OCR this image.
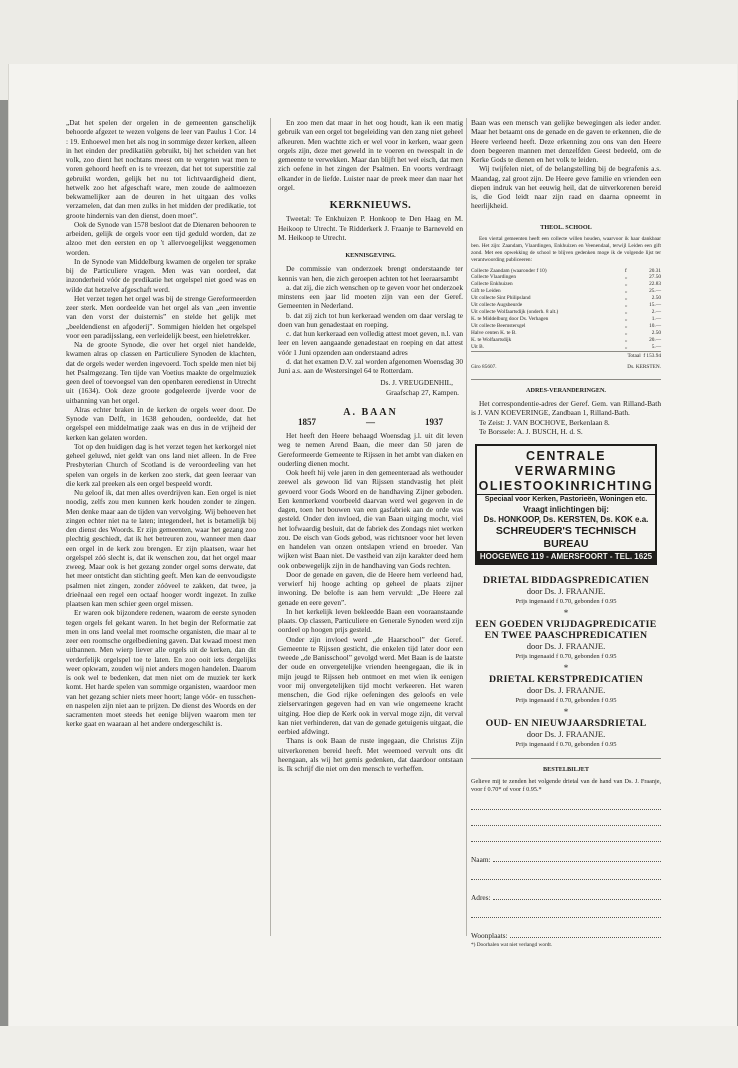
„Dat het spelen der orgelen in de gemeenten ganschelijk behoorde afgezet te wezen volgens de leer van Paulus 1 Cor. 14 : 19. Enhoewel men het als nog in sommige dezer kerken, alleen in het einden der predikatiën gebruikt, bij het scheiden van het volk, zoo dient het nochtans meest om te vergeten wat men te voren gehoord heeft en is te vreezen, dat het tot superstitie zal gebruikt worden, gelijk het nu tot lichtvaardigheid dient, hetwelk zoo het afgeschaft ware, men zoude de aalmoezen bekwamelijker aan de deuren in het uitgaan des volks verzamelen, dat dan men zulks in het midden der predikatie, tot groote hindernis van den dienst, doen moet”.

Ook de Synode van 1578 besloot dat de Dienaren behooren te arbeiden, gelijk de orgels voor een tijd geduld worden, dat ze alzoo met den eersten en op 't allervoegelijkst weggenomen worden.

In de Synode van Middelburg kwamen de orgelen ter sprake bij de Particuliere vragen. Men was van oordeel, dat inzonderheid vóór de predikatie het orgelspel niet goed was en wilde dat hetzelve afgeschaft werd.

Het verzet tegen het orgel was bij de strenge Gereformeerden zeer sterk. Men oordeelde van het orgel als van „een inventie van den vorst der duisternis” en stelde het gelijk met „beeldendienst en afgoderij”. Sommigen hielden het orgelspel voor een paradijsslang, een verleidelijk beest, een hieletrekker.

Na de groote Synode, die over het orgel niet handelde, kwamen alras op classen en Particuliere Synoden de klachten, dat de orgels weder werden ingevoerd. Toch spelde men niet bij het Psalmgezang. Ten tijde van Voetius maakte de orgelmuziek geen deel of toevoegsel van den openbaren eeredienst in Utrecht uit (1634). Ook deze groote godgeleerde ijverde voor de uitbanning van het orgel.

Alras echter braken in de kerken de orgels weer door. De Synode van Delft, in 1638 gehouden, oordeelde, dat het orgelspel een middelmatige zaak was en dus in de vrijheid der kerken kan gelaten worden.

Tot op den huidigen dag is het verzet tegen het kerkorgel niet geheel geluwd, niet geldt van ons land niet alleen. In de Free Presbyterian Church of Scotland is de veroordeeling van het spelen van orgels in de kerken zoo sterk, dat geen leeraar van die kerk zal preeken als een orgel bespeeld wordt.

Nu geloof ik, dat men alles overdrijven kan. Een orgel is niet noodig, zelfs zou men kunnen kerk houden zonder te zingen. Men denke maar aan de tijden van vervolging. Wij behoeven het zingen echter niet na te laten; integendeel, het is betamelijk bij den dienst des Woords. Er zijn gemeenten, waar het gezang zoo plechtig geschiedt, dat ik het betreuren zou, wanneer men daar een orgel in de kerk zou brengen. Er zijn plaatsen, waar het orgelspel zóó slecht is, dat ik wenschen zou, dat het orgel maar zweeg. Maar ook is het gezang zonder orgel soms derwate, dat het meer ontsticht dan stichting geeft. Men kan de eenvoudigste psalmen niet zingen, zonder zóóveel te zakken, dat twee, ja drieënaal een regel een octaaf hooger wordt ingezet. In zulke plaatsen kan men schier geen orgel missen.

Er waren ook bijzondere redenen, waarom de eerste synoden tegen orgels fel gekant waren. In het begin der Reformatie zat men in ons land veelal met roomsche organisten, die maar al te zeer een roomsche orgelbediening gaven. Dat kwaad moest men uitbannen. Men wierp liever alle orgels uit de kerken, dan dit verderfelijk orgelspel toe te laten. En zoo ooit iets dergelijks weer opkwam, zouden wij niet anders mogen handelen. Daarom is ook wel te bedenken, dat men niet om de muziek ter kerk komt. Het harde spelen van sommige organisten, waardoor men van het gezang schier niets meer hoort; lange vóór- en tusschen- en naspelen zijn niet aan te prijzen. De dienst des Woords en der sacramenten moet steeds het eenige blijven waarom men ter kerke gaat en waaraan al het andere ondergeschikt is.

En zoo men dat maar in het oog houdt, kan ik een matig gebruik van een orgel tot begeleiding van den zang niet geheel afkeuren. Men wachtte zich er wel voor in kerken, waar geen orgels zijn, deze met geweld in te voeren en tweespalt in de gemeente te verwekken. Maar dan blijft het wel eisch, dat men zich oefene in het zingen der Psalmen. En voorts verdraagt elkander in de liefde. Luister naar de preek meer dan naar het orgel.

KERKNIEUWS.

Tweetal: Te Enkhuizen P. Honkoop te Den Haag en M. Heikoop te Utrecht. Te Ridderkerk J. Fraanje te Barneveld en M. Heikoop te Utrecht.

KENNISGEVING.

De commissie van onderzoek brengt onderstaande ter kennis van hen, die zich geroepen achten tot het leeraarsambt

a. dat zij, die zich wenschen op te geven voor het onderzoek minstens een jaar lid moeten zijn van een der Geref. Gemeenten in Nederland.

b. dat zij zich tot hun kerkeraad wenden om daar verslag te doen van hun genadestaat en roeping.

c. dat hun kerkeraad een volledig attest moet geven, n.l. van leer en leven aangaande genadestaat en roeping en dat attest vóór 1 Juni opzenden aan onderstaand adres

d. dat het examen D.V. zal worden afgenomen Woensdag 30 Juni a.s. aan de Westersingel 64 te Rotterdam.

Ds. J. VREUGDENHIL,
Graafschap 27, Kampen.
A. BAAN
1857	—	1937

Het heeft den Heere behaagd Woensdag j.l. uit dit leven weg te nemen Arend Baan, die meer dan 50 jaren de Gereformeerde Gemeente te Rijssen in het ambt van diaken en ouderling dienen mocht.

Ook heeft hij vele jaren in den gemeenteraad als wethouder zeewel als gewoon lid van Rijssen standvastig het pleit gevoerd voor Gods Woord en de handhaving Zijner geboden. Een kenmerkend voorbeeld daarvan werd wel gegeven in de dagen, toen het bouwen van een gasfabriek aan de orde was gesteld. Onder den invloed, die van Baan uitging mocht, viel het lofwaardig besluit, dat de fabriek des Zondags niet werken zou. De eisch van Gods gebod, was richtsnoer voor het leven en handelen van onzen ontslapen vriend en broeder. Van wijken wist Baan niet. De vastheid van zijn karakter deed hem ook onbewegelijk zijn in de handhaving van Gods rechten.

Door de genade en gaven, die de Heere hem verleend had, verwierf hij hooge achting op geheel de plaats zijner inwoning. De belofte is aan hem vervuld: „De Heere zal genade en eere geven”.

In het kerkelijk leven bekleedde Baan een vooraanstaande plaats. Op classen, Particuliere en Generale Synoden werd zijn oordeel op hoogen prijs gesteld.

Onder zijn invloed werd „de Haarschool” der Geref. Gemeente te Rijssen gesticht, die enkelen tijd later door een tweede „de Banisschool” gevolgd werd. Met Baan is de laatste der oude en onvergetelijke vrienden heengegaan, die ik in mijn jeugd te Rijssen heb ontmoet en met wien ik eenigen voor mij onvergetelijken tijd mocht verkeeren. Het waren menschen, die God rijke oefeningen des geloofs en vele zielservaringen gegeven had en van wie ongemeene kracht uitging. Hoe diep de Kerk ook in verval moge zijn, dit verval kan niet verhinderen, dat van de genade getuigenis uitgaat, die eerbied afdwingt.

Thans is ook Baan de ruste ingegaan, die Christus Zijn uitverkorenen bereid heeft. Met weemoed vervult ons dit heengaan, als wij het gemis gedenken, dat daardoor ontstaan is. Ik schrijf die niet om den mensch te verheffen.

Baan was een mensch van gelijke bewegingen als ieder ander. Maar het betaamt ons de genade en de gaven te erkennen, die de Heere verleend heeft. Deze erkenning zou ons van den Heere doen begeeren mannen met denzelfden Geest bedeeld, om de Kerke Gods te dienen en het volk te leiden.

Wij twijfelen niet, of de belangstelling bij de begrafenis a.s. Maandag, zal groot zijn. De Heere geve familie en vrienden een diepen indruk van het eeuwig heil, dat de uitverkorenen bereid is, die God leidt naar zijn raad en daarna opneemt in heerlijkheid.

THEOL. SCHOOL
Een viertal gemeenten heeft een collecte willen houden, waarvoor ik haar dankbaar ben. Het zijn: Zaandam, Vlaardingen, Enkhuizen en Veenendaal, terwijl Leiden een gift zond. Met een opwekking de school te blijven gedenken moge ik de volgende lijst ter verantwoording publiceeren:
Collecte Zaandam (waaronder f 10)	f	20.31
Collecte Vlaardingen	„	27.50
Collecte Enkhuizen	„	22.83
Gift te Leiden	„	25.—
Uit collecte Sint Philipsland	„	2.50
Uit collecte Augsbeurde	„	15.—
Uit collecte Wolfaartsdijk (onderh. 8 alt.)	„	2.—
K. te Middelburg door Ds. Verhagen	„	1.—
Uit collecte Beemstersgel	„	10.—
Halve centen K. te B.	„	2.50
K. te Wolfaartsdijk	„	20.—
Uit B.	„	5.—
Totaal f 153.94
Giro 85607.	Ds. KERSTEN.
ADRES-VERANDERINGEN.

Het correspondentie-adres der Geref. Gem. van Rilland-Bath is J. VAN KOEVERINGE, Zandbaan 1, Rilland-Bath.

Te Zeist: J. VAN BOCHOVE, Berkenlaan 8.

Te Borssele: A. J. BUSCH, H. d. S.

CENTRALE VERWARMING
OLIESTOOKINRICHTING
Speciaal voor Kerken, Pastorieën, Woningen etc.
Vraagt inlichtingen bij:
Ds. HONKOOP, Ds. KERSTEN, Ds. KOK e.a.
SCHREUDER'S TECHNISCH BUREAU
HOOGEWEG 119 - AMERSFOORT - TEL. 1625
DRIETAL BIDDAGSPREDICATIEN
door Ds. J. FRAANJE.
Prijs ingenaaid f 0.70, gebonden f 0.95
*
EEN GOEDEN VRIJDAGPREDICATIE EN TWEE PAASCHPREDICATIEN
door Ds. J. FRAANJE.
Prijs ingenaaid f 0.70, gebonden f 0.95
*
DRIETAL KERSTPREDICATIEN
door Ds. J. FRAANJE.
Prijs ingenaaid f 0.70, gebonden f 0.95
*
OUD- EN NIEUWJAARSDRIETAL
door Ds. J. FRAANJE.
Prijs ingenaaid f 0.70, gebonden f 0.95
BESTELBILJET
Gelieve mij te zenden het volgende drietal van de hand van Ds. J. Fraanje, voor f 0.70* of voor f 0.95.*
Naam:
Adres:
Woonplaats:
*) Doorhalen wat niet verlangd wordt.
